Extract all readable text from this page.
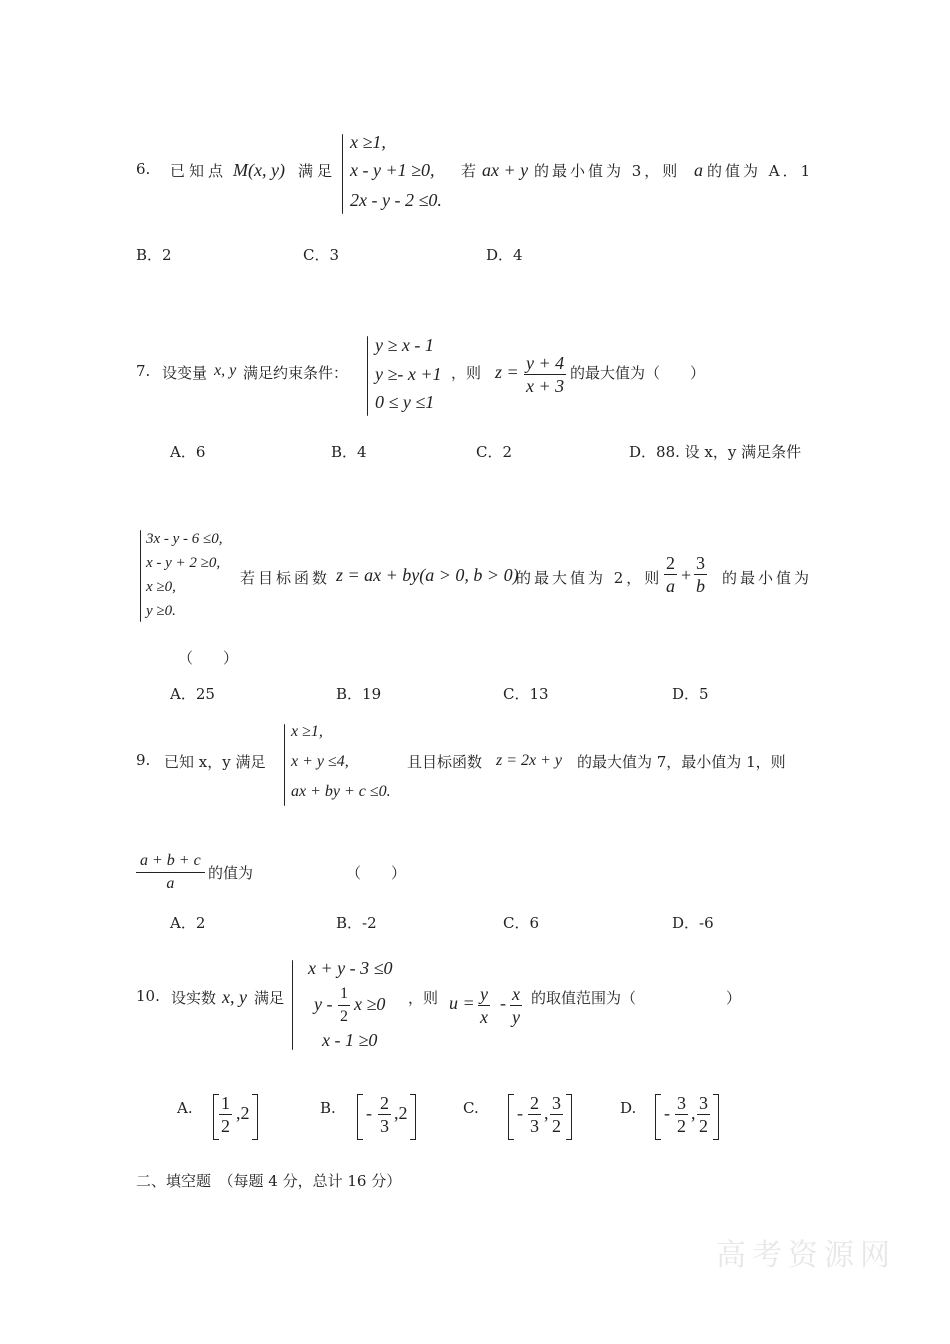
6. 已知点 M(x, y) 满足
x ≥1,
x - y +1 ≥0,
2x - y - 2 ≤0.
若 ax + y 的最小值为 3，则 a 的值为 A．1
B．2	C．3	D．4
7. 设变量 x, y 满足约束条件：
y ≥ x - 1
y ≥- x +1
0 ≤ y ≤1
，则 $z = \frac{y + 4}{x + 3}$ 的最大值为（　　）
A．6	B．4	C．2	D．88. 设 x，y 满足条件
3x - y - 6 ≤0,
x - y + 2 ≥0,
x ≥0,
y ≥0.
若目标函数 z = ax + by(a > 0, b > 0)
的最大值为 2，则 $\frac{2}{a} + \frac{3}{b}$ 的最小值为
（　　）
A．25	B．19	C．13	D．5
9. 已知 x，y 满足
x ≥1,
x + y ≤4,
ax + by + c ≤0.
且目标函数 z = 2x + y 的最大值为 7，最小值为 1，则
$\frac{a + b + c}{a}$ 的值为	（　　）
A．2	B．-2	C．6	D．-6
10. 设实数 x, y 满足
x + y - 3 ≤0
y - $\frac{1}{2}$ x ≥0
x - 1 ≥0
，则 $u = \frac{y}{x} - \frac{x}{y}$ 的取值范围为（　　　　　　）
A. $\frac{1}{2} ,2$	B. - $\frac{2}{3} ,2$	C. - $\frac{2}{3}$ , $\frac{3}{2}$	D. - $\frac{3}{2}$ , $\frac{3}{2}$
二、填空题　（每题 4 分，总计 16 分）
高考资源网
